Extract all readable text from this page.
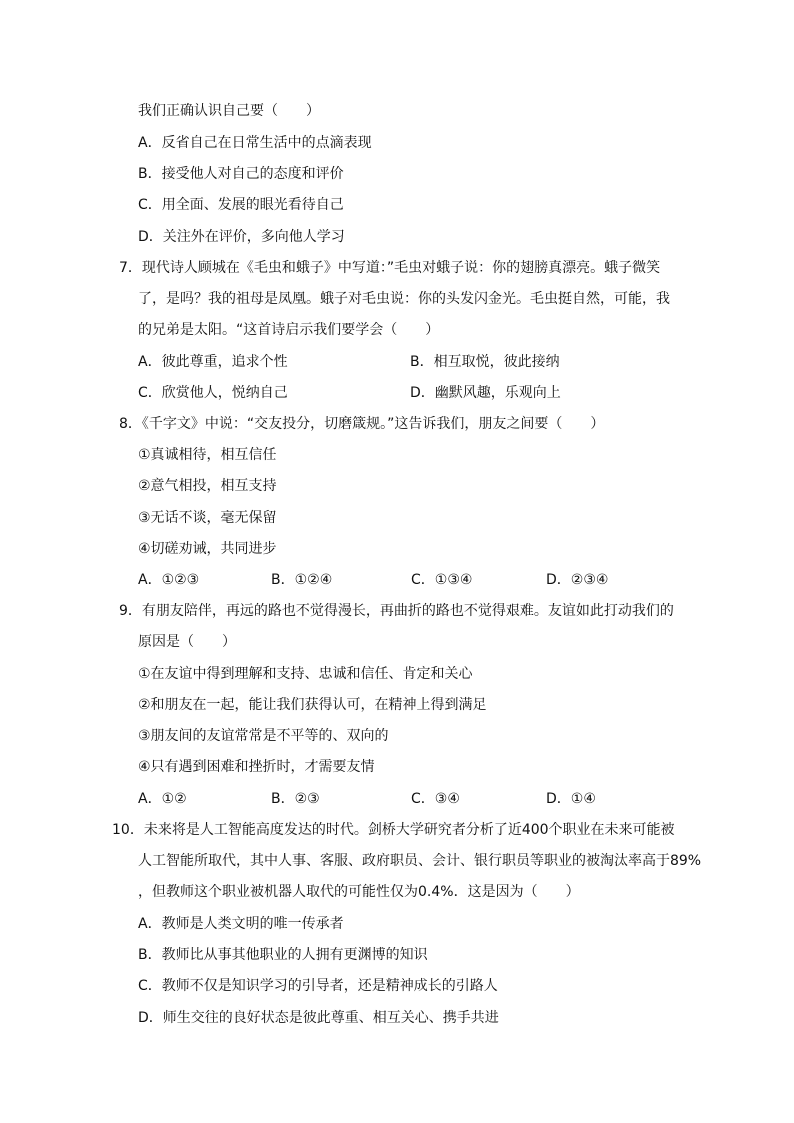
我们正确认识自己要（　　）
A．反省自己在日常生活中的点滴表现
B．接受他人对自己的态度和评价
C．用全面、发展的眼光看待自己
D．关注外在评价，多向他人学习
7．现代诗人顾城在《毛虫和蛾子》中写道：”毛虫对蛾子说：你的翅膀真漂亮。蛾子微笑
了，是吗？我的祖母是凤凰。蛾子对毛虫说：你的头发闪金光。毛虫挺自然，可能，我
的兄弟是太阳。“这首诗启示我们要学会（　　）
A．彼此尊重，追求个性	B．相互取悦，彼此接纳
C．欣赏他人，悦纳自己	D．幽默风趣，乐观向上
8．《千字文》中说：“交友投分，切磨箴规。”这告诉我们，朋友之间要（　　）
①真诚相待，相互信任
②意气相投，相互支持
③无话不谈，毫无保留
④切磋劝诫，共同进步
A．①②③	B．①②④	C．①③④	D．②③④
9．有朋友陪伴，再远的路也不觉得漫长，再曲折的路也不觉得艰难。友谊如此打动我们的
原因是（　　）
①在友谊中得到理解和支持、忠诚和信任、肯定和关心
②和朋友在一起，能让我们获得认可，在精神上得到满足
③朋友间的友谊常常是不平等的、双向的
④只有遇到困难和挫折时，才需要友情
A．①②	B．②③	C．③④	D．①④
10．未来将是人工智能高度发达的时代。剑桥大学研究者分析了近400个职业在未来可能被
人工智能所取代，其中人事、客服、政府职员、会计、银行职员等职业的被淘汰率高于89%
，但教师这个职业被机器人取代的可能性仅为0.4%．这是因为（　　）
A．教师是人类文明的唯一传承者
B．教师比从事其他职业的人拥有更渊博的知识
C．教师不仅是知识学习的引导者，还是精神成长的引路人
D．师生交往的良好状态是彼此尊重、相互关心、携手共进
